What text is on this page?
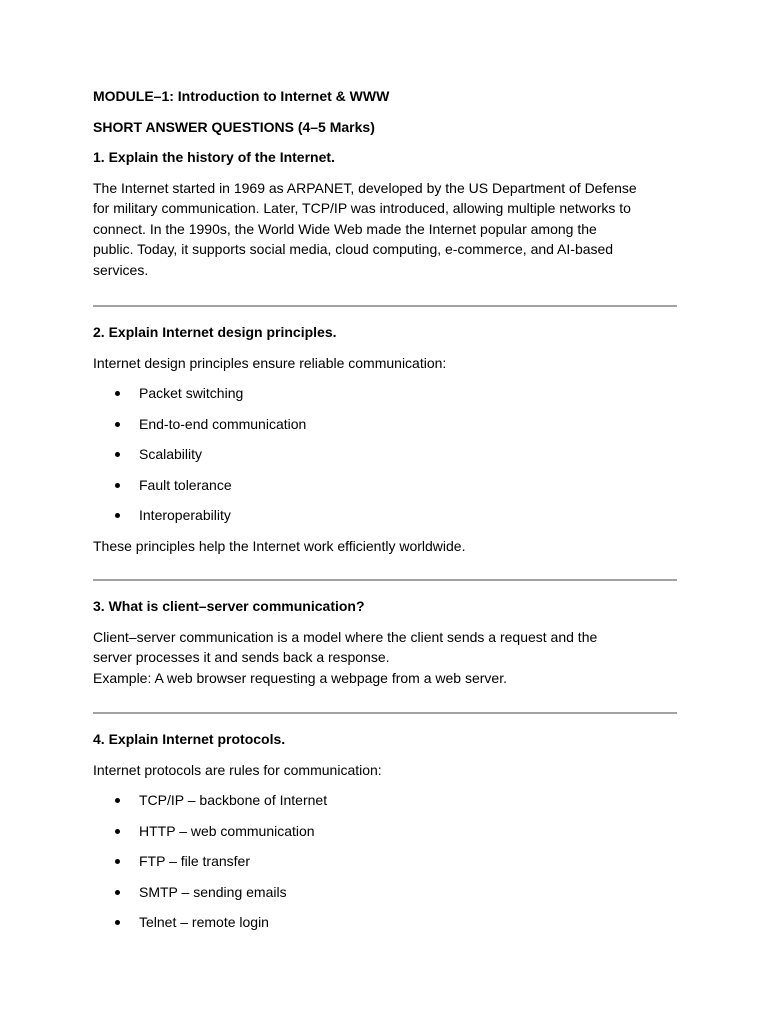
MODULE–1: Introduction to Internet & WWW

SHORT ANSWER QUESTIONS (4–5 Marks)

1. Explain the history of the Internet.

The Internet started in 1969 as ARPANET, developed by the US Department of Defense

for military communication. Later, TCP/IP was introduced, allowing multiple networks to

connect. In the 1990s, the World Wide Web made the Internet popular among the

public. Today, it supports social media, cloud computing, e-commerce, and AI-based

services.

2. Explain Internet design principles.

Internet design principles ensure reliable communication:

Packet switching
End-to-end communication
Scalability
Fault tolerance
Interoperability

These principles help the Internet work efficiently worldwide.

3. What is client–server communication?

Client–server communication is a model where the client sends a request and the

server processes it and sends back a response.

Example: A web browser requesting a webpage from a web server.

4. Explain Internet protocols.

Internet protocols are rules for communication:

TCP/IP – backbone of Internet
HTTP – web communication
FTP – file transfer
SMTP – sending emails
Telnet – remote login
